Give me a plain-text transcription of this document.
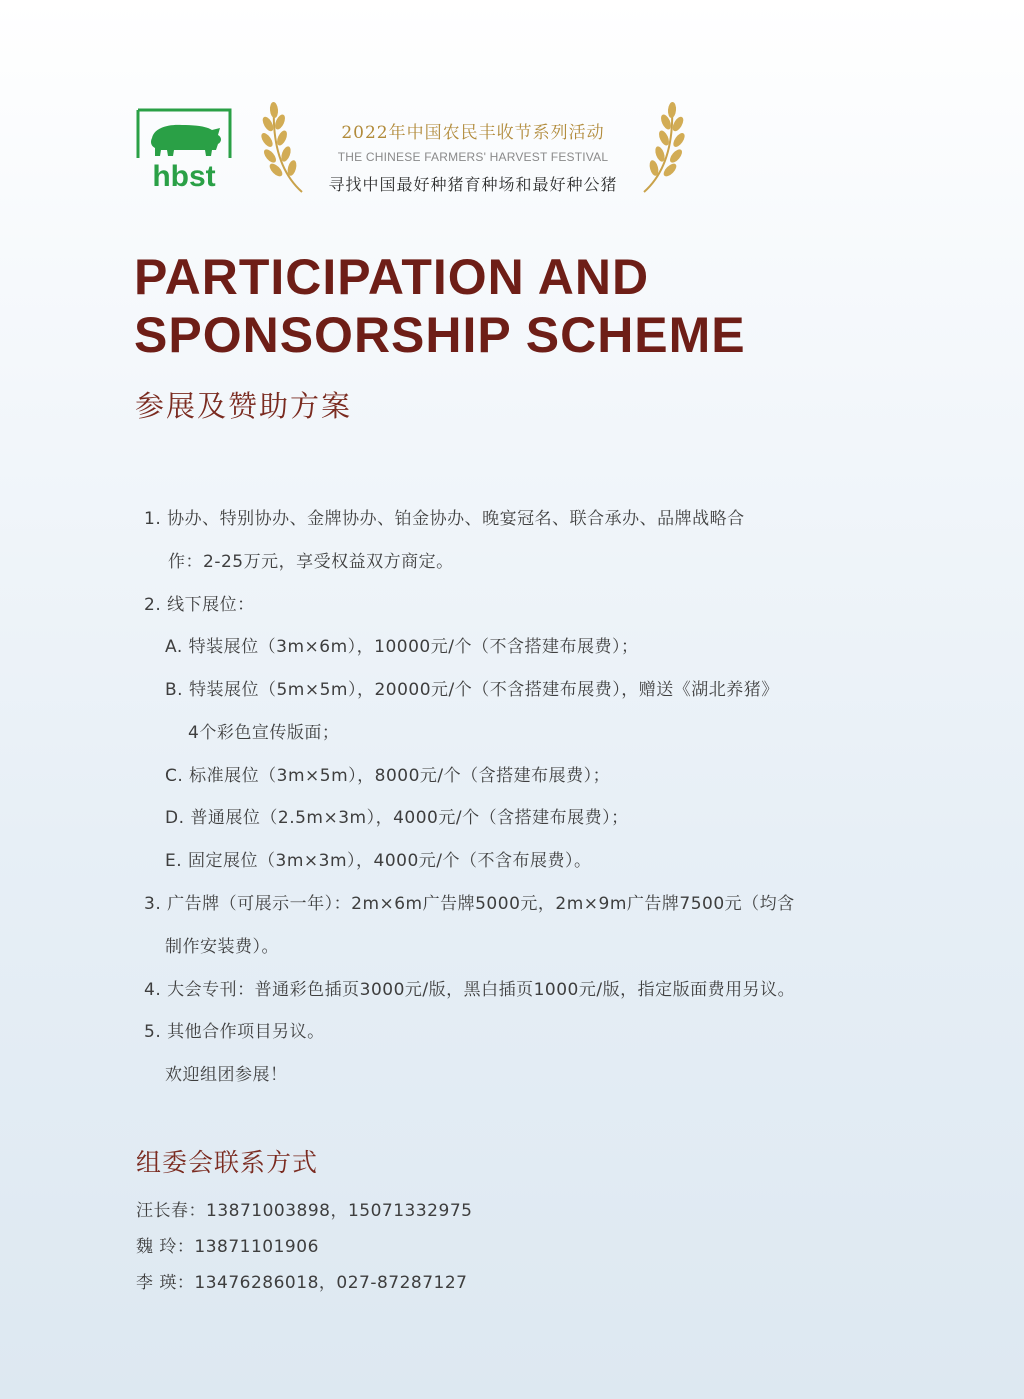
hbst
2022年中国农民丰收节系列活动
THE CHINESE FARMERS' HARVEST FESTIVAL
寻找中国最好种猪育种场和最好种公猪
PARTICIPATION AND
SPONSORSHIP SCHEME
参展及赞助方案
1. 协办、特别协办、金牌协办、铂金协办、晚宴冠名、联合承办、品牌战略合
作：2-25万元，享受权益双方商定。
2. 线下展位：
A. 特装展位（3m×6m），10000元/个（不含搭建布展费）；
B. 特装展位（5m×5m），20000元/个（不含搭建布展费），赠送《湖北养猪》
4个彩色宣传版面；
C. 标准展位（3m×5m），8000元/个（含搭建布展费）；
D. 普通展位（2.5m×3m），4000元/个（含搭建布展费）；
E. 固定展位（3m×3m），4000元/个（不含布展费）。
3. 广告牌（可展示一年）：2m×6m广告牌5000元，2m×9m广告牌7500元（均含
制作安装费）。
4. 大会专刊：普通彩色插页3000元/版，黑白插页1000元/版，指定版面费用另议。
5. 其他合作项目另议。
欢迎组团参展！
组委会联系方式
汪长春：13871003898，15071332975
魏 玲：13871101906
李 瑛：13476286018，027-87287127
